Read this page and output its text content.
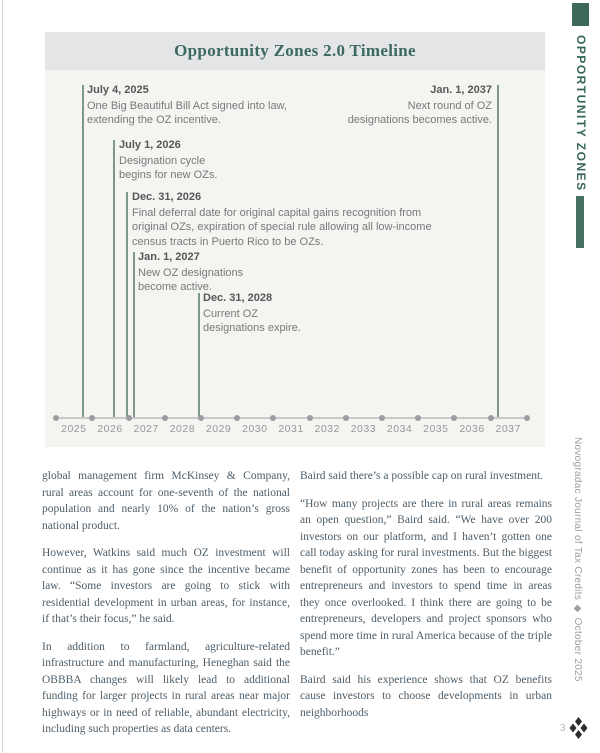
Opportunity Zones 2.0 Timeline
July 4, 2025
One Big Beautiful Bill Act signed into law, extending the OZ incentive.
Jan. 1, 2037
Next round of OZ designations becomes active.
July 1, 2026
Designation cycle begins for new OZs.
Dec. 31, 2026
Final deferral date for original capital gains recognition from original OZs, expiration of special rule allowing all low-income census tracts in Puerto Rico to be OZs.
Jan. 1, 2027
New OZ designations become active.
Dec. 31, 2028
Current OZ designations expire.
2025	2026	2027	2028	2029	2030	2031	2032	2033	2034	2035	2036	2037

global management firm McKinsey & Company, rural areas account for one-seventh of the national population and nearly 10% of the nation’s gross national product.

However, Watkins said much OZ investment will continue as it has gone since the incentive became law. “Some investors are going to stick with residential development in urban areas, for instance, if that’s their focus,” he said.

In addition to farmland, agriculture-related infrastructure and manufacturing, Heneghan said the OBBBA changes will likely lead to additional funding for larger projects in rural areas near major highways or in need of reliable, abundant electricity, including such properties as data centers.

Baird said there’s a possible cap on rural investment.

“How many projects are there in rural areas remains an open question,” Baird said. “We have over 200 investors on our platform, and I haven’t gotten one call today asking for rural investments. But the biggest benefit of opportunity zones has been to encourage entrepreneurs and investors to spend time in areas they once overlooked. I think there are going to be entrepreneurs, developers and project sponsors who spend more time in rural America because of the triple benefit.”

Baird said his experience shows that OZ benefits cause investors to choose developments in urban neighborhoods

OPPORTUNITY ZONES
Novogradac Journal of Tax Credits ◆ October 2025
3
